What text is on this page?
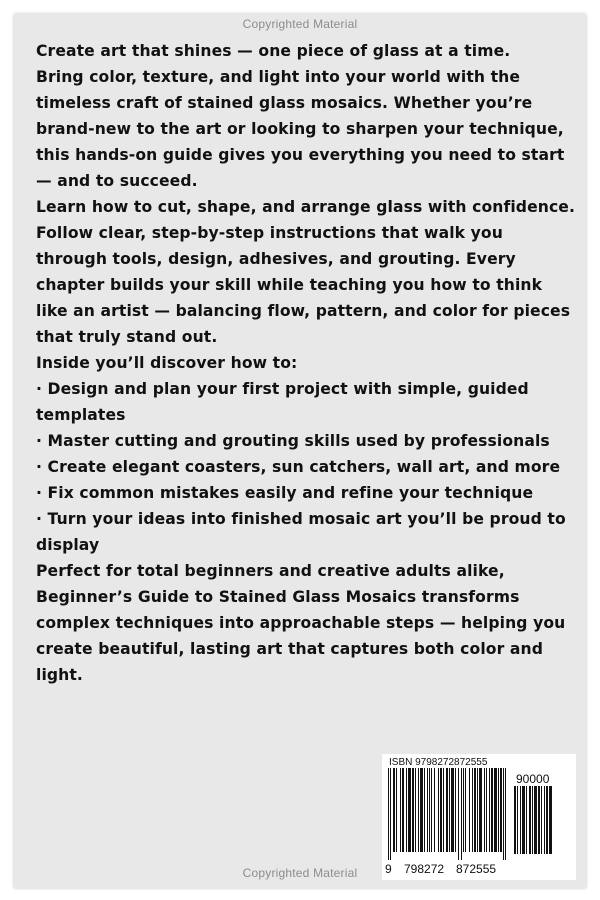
Copyrighted Material

Create art that shines — one piece of glass at a time.

Bring color, texture, and light into your world with the timeless craft of stained glass mosaics. Whether you’re brand-new to the art or looking to sharpen your technique, this hands-on guide gives you everything you need to start — and to succeed.

Learn how to cut, shape, and arrange glass with confidence. Follow clear, step-by-step instructions that walk you through tools, design, adhesives, and grouting. Every chapter builds your skill while teaching you how to think like an artist — balancing flow, pattern, and color for pieces that truly stand out.

Inside you’ll discover how to:

· Design and plan your first project with simple, guided templates

· Master cutting and grouting skills used by professionals

· Create elegant coasters, sun catchers, wall art, and more

· Fix common mistakes easily and refine your technique

· Turn your ideas into finished mosaic art you’ll be proud to display

Perfect for total beginners and creative adults alike, Beginner’s Guide to Stained Glass Mosaics transforms complex techniques into approachable steps — helping you create beautiful, lasting art that captures both color and light.

ISBN 9798272872555
90000
9 798272 872555
Copyrighted Material
